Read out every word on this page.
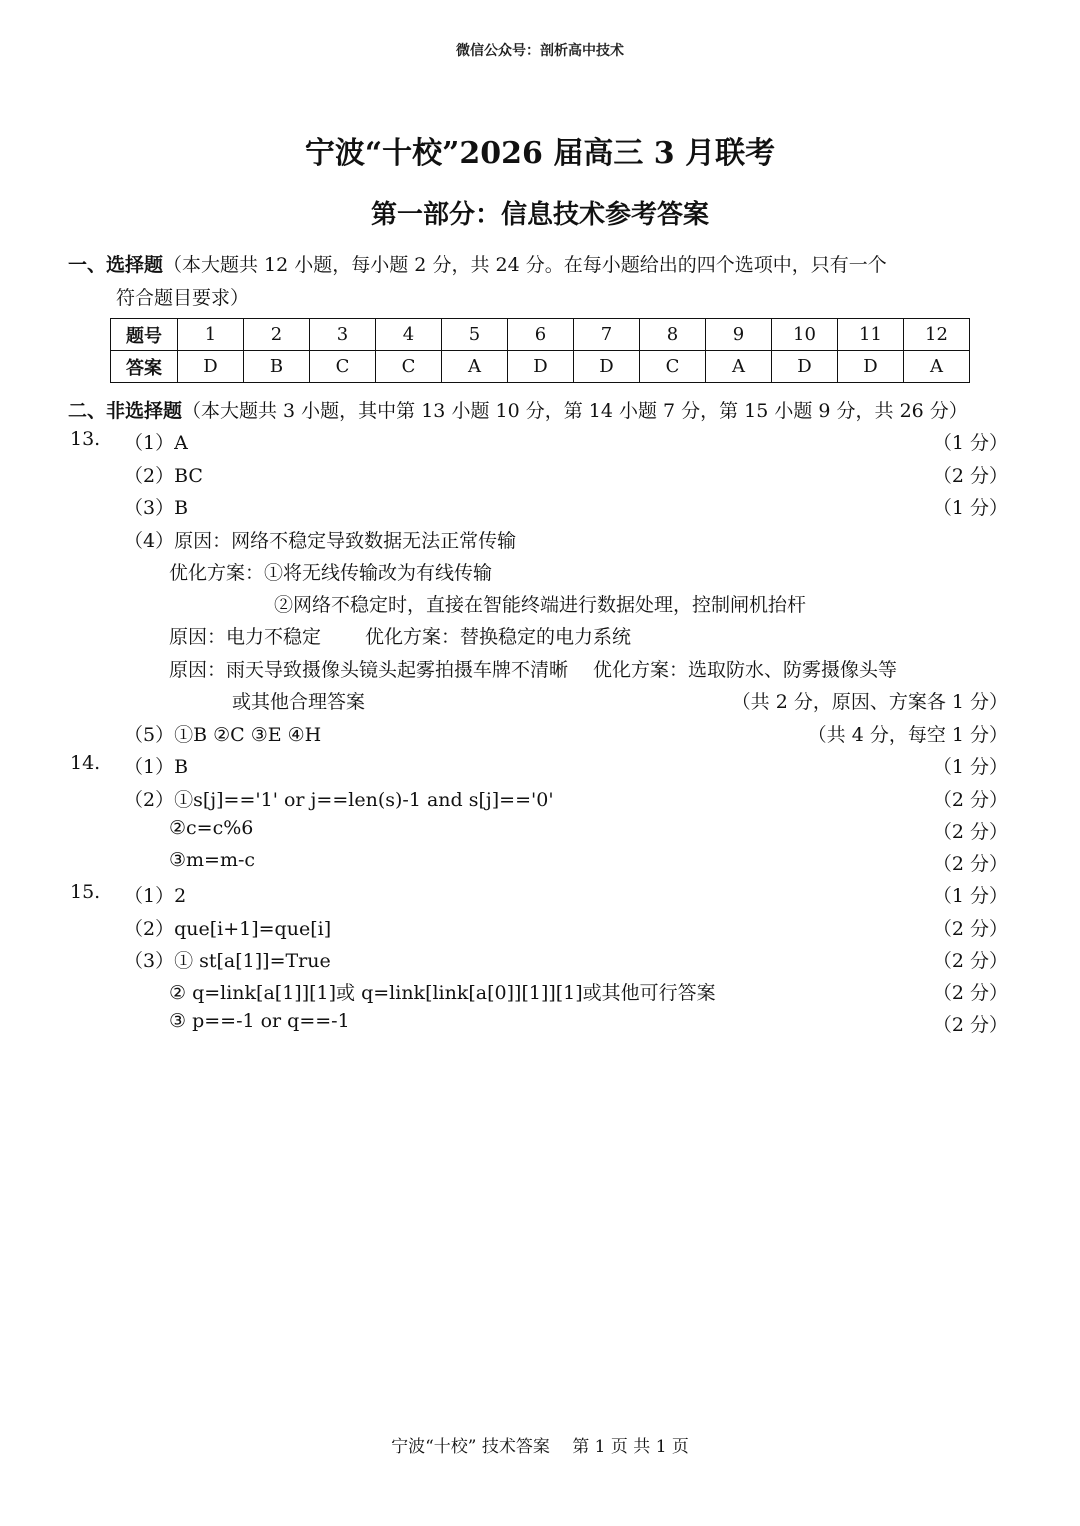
微信公众号：剖析高中技术
宁波“十校”2026 届高三 3 月联考
第一部分：信息技术参考答案
一、选择题（本大题共 12 小题，每小题 2 分，共 24 分。在每小题给出的四个选项中，只有一个
符合题目要求）
题号	1	2	3	4	5	6	7	8	9	10	11	12
答案	D	B	C	C	A	D	D	C	A	D	D	A
二、非选择题（本大题共 3 小题，其中第 13 小题 10 分，第 14 小题 7 分，第 15 小题 9 分，共 26 分）
13. （1）A	（1 分）
（2）BC	（2 分）
（3）B	（1 分）
（4）原因：网络不稳定导致数据无法正常传输
优化方案：①将无线传输改为有线传输
②网络不稳定时，直接在智能终端进行数据处理，控制闸机抬杆
原因：电力不稳定　　 优化方案：替换稳定的电力系统
原因：雨天导致摄像头镜头起雾拍摄车牌不清晰　 优化方案：选取防水、防雾摄像头等
或其他合理答案	（共 2 分，原因、方案各 1 分）
（5）①B ②C ③E ④H	（共 4 分，每空 1 分）
14. （1）B	（1 分）
（2）①s[j]=='1' or j==len(s)-1 and s[j]=='0'	（2 分）
②c=c%6	（2 分）
③m=m-c	（2 分）
15. （1）2	（1 分）
（2）que[i+1]=que[i]	（2 分）
（3）① st[a[1]]=True	（2 分）
② q=link[a[1]][1]或 q=link[link[a[0]][1]][1]或其他可行答案	（2 分）
③ p==-1 or q==-1	（2 分）
宁波“十校” 技术答案　 第 1 页 共 1 页
